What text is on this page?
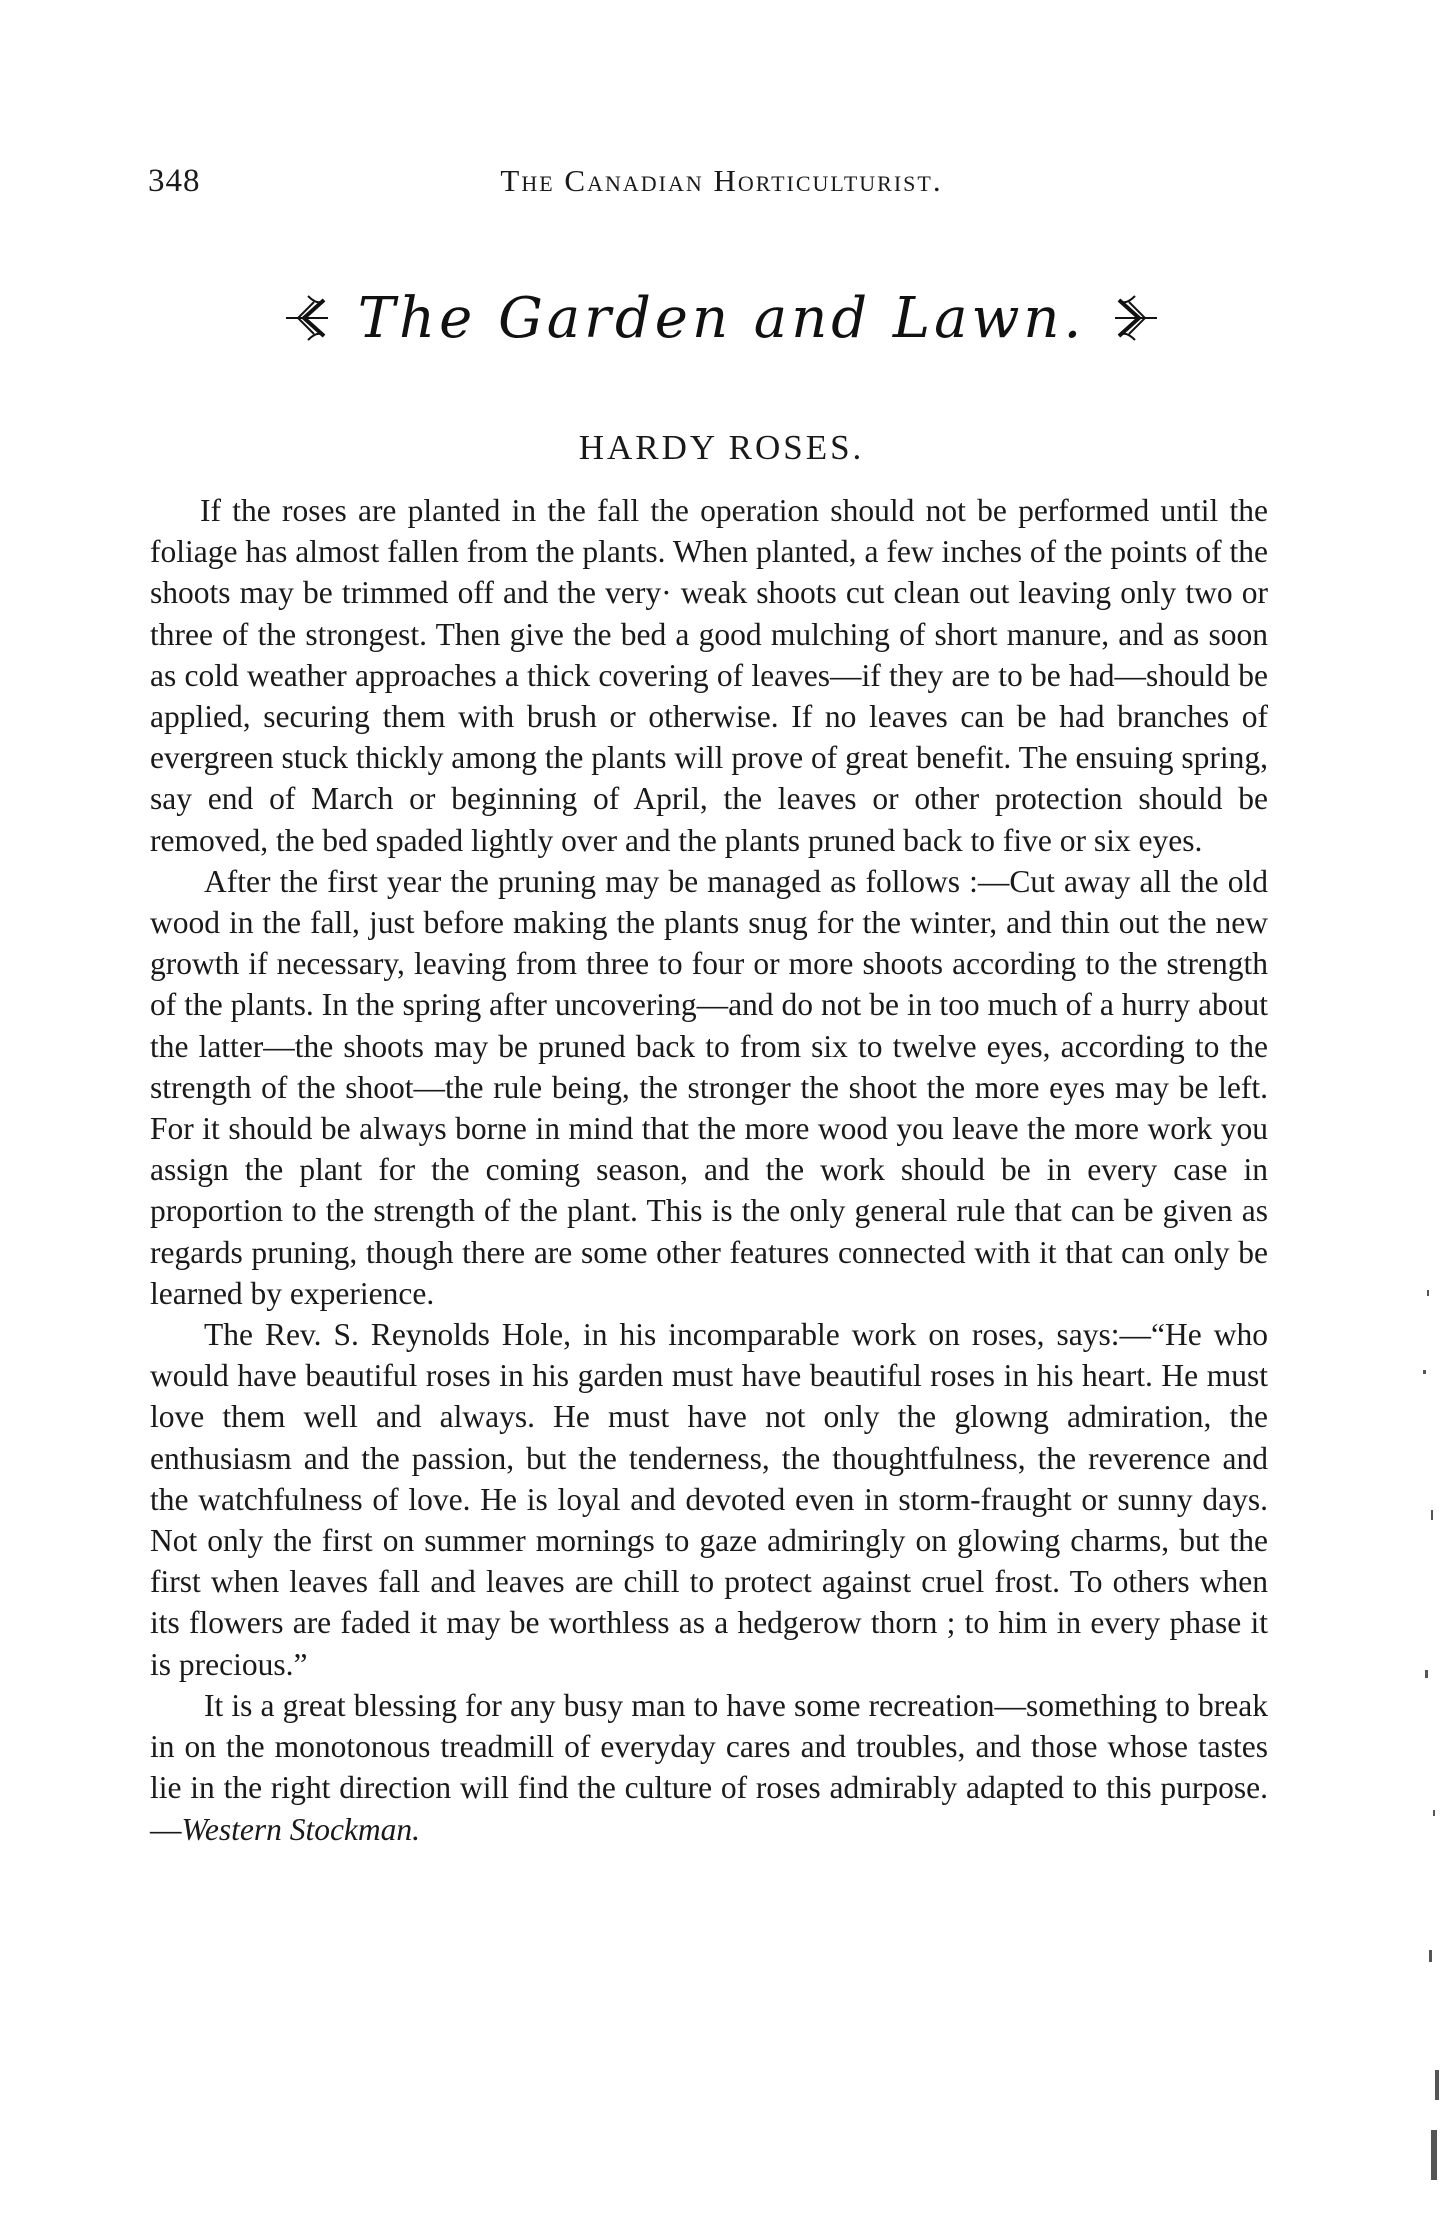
348	The Canadian Horticulturist.
The Garden and Lawn.
HARDY ROSES.

If the roses are planted in the fall the operation should not be performed until the foliage has almost fallen from the plants. When planted, a few inches of the points of the shoots may be trimmed off and the very· weak shoots cut clean out leaving only two or three of the strongest. Then give the bed a good mulching of short manure, and as soon as cold weather approaches a thick covering of leaves—if they are to be had—should be applied, securing them with brush or otherwise. If no leaves can be had branches of evergreen stuck thickly among the plants will prove of great benefit. The ensuing spring, say end of March or beginning of April, the leaves or other protection should be removed, the bed spaded lightly over and the plants pruned back to five or six eyes.

After the first year the pruning may be managed as follows :—Cut away all the old wood in the fall, just before making the plants snug for the winter, and thin out the new growth if necessary, leaving from three to four or more shoots according to the strength of the plants. In the spring after uncovering—and do not be in too much of a hurry about the latter—the shoots may be pruned back to from six to twelve eyes, according to the strength of the shoot—the rule being, the stronger the shoot the more eyes may be left. For it should be always borne in mind that the more wood you leave the more work you assign the plant for the coming season, and the work should be in every case in proportion to the strength of the plant. This is the only general rule that can be given as regards pruning, though there are some other features connected with it that can only be learned by experience.

The Rev. S. Reynolds Hole, in his incomparable work on roses, says:—“He who would have beautiful roses in his garden must have beautiful roses in his heart. He must love them well and always. He must have not only the glowng admiration, the enthusiasm and the passion, but the tenderness, the thoughtfulness, the reverence and the watchfulness of love. He is loyal and devoted even in storm-fraught or sunny days. Not only the first on summer mornings to gaze admiringly on glowing charms, but the first when leaves fall and leaves are chill to protect against cruel frost. To others when its flowers are faded it may be worthless as a hedgerow thorn ; to him in every phase it is precious.”

It is a great blessing for any busy man to have some recreation—something to break in on the monotonous treadmill of everyday cares and troubles, and those whose tastes lie in the right direction will find the culture of roses admirably adapted to this purpose.—Western Stockman.
